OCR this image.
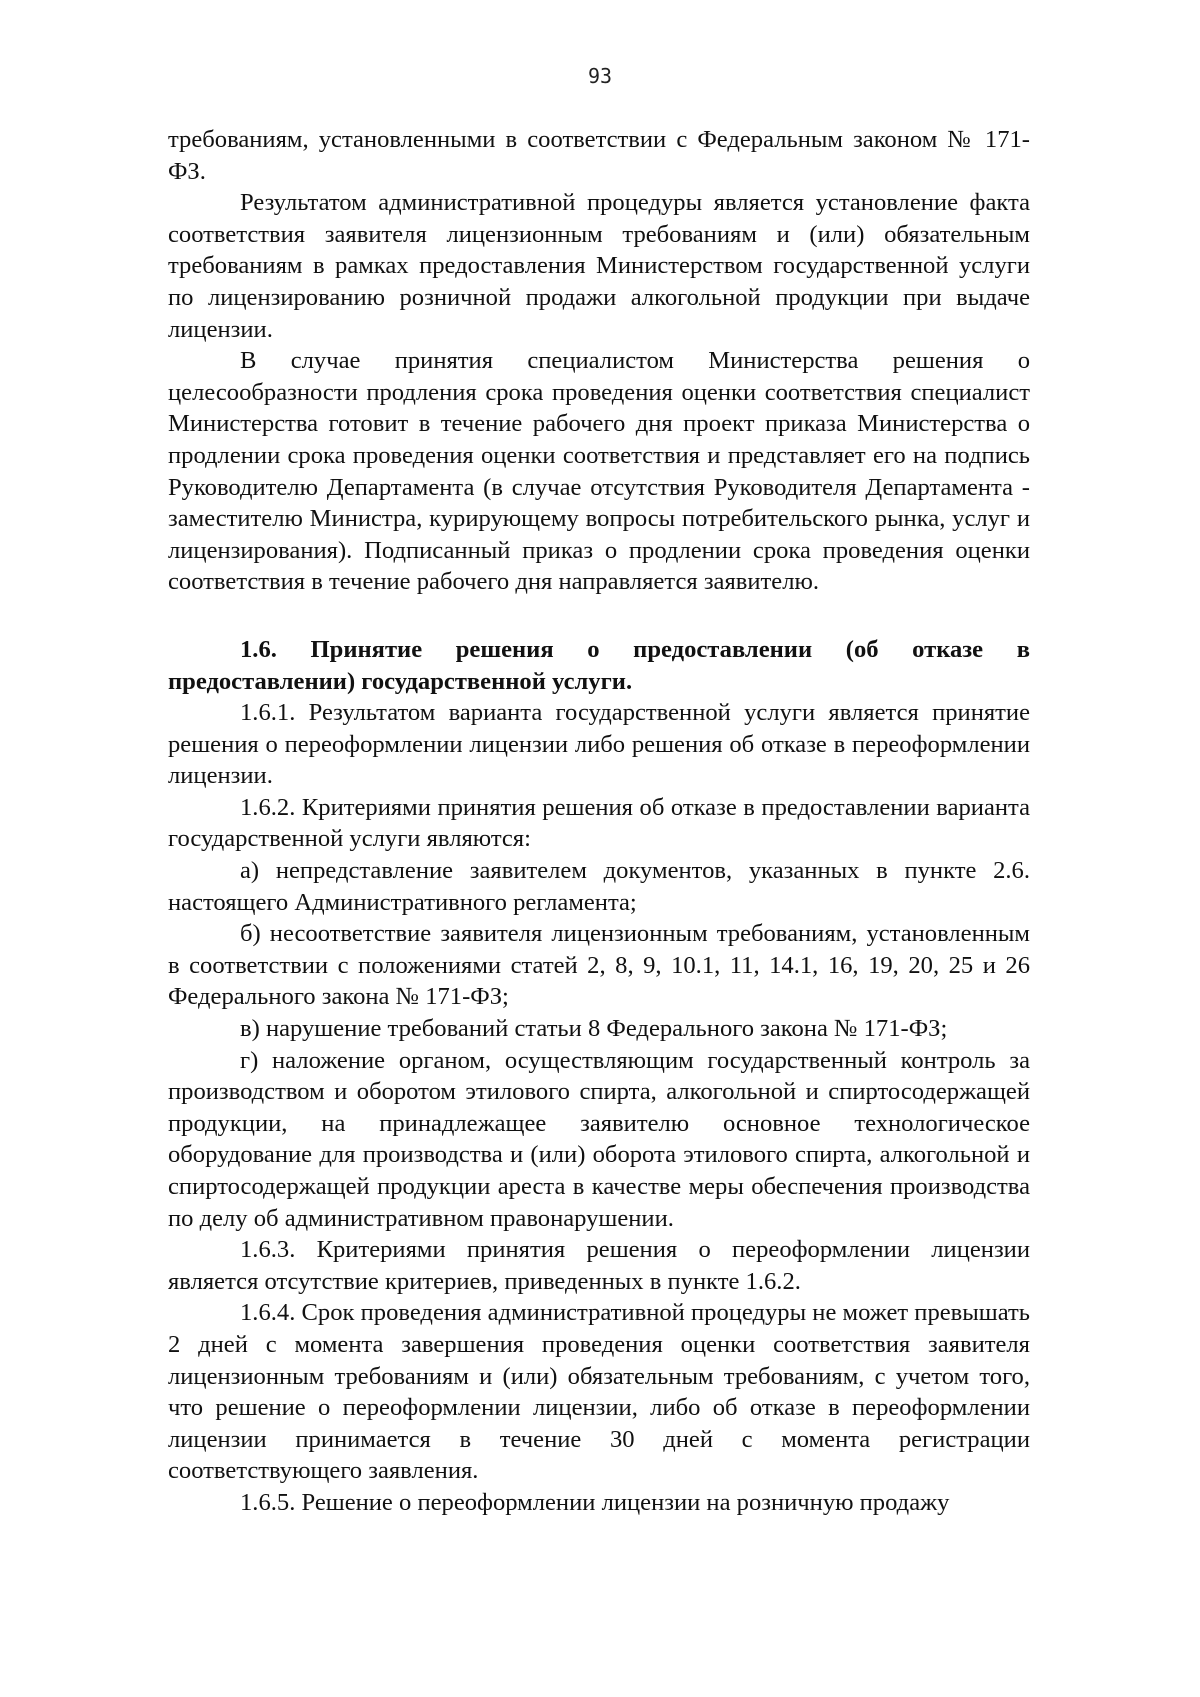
93

требованиям, установленными в соответствии с Федеральным законом № 171-ФЗ.

Результатом административной процедуры является установление факта соответствия заявителя лицензионным требованиям и (или) обязательным требованиям в рамках предоставления Министерством государственной услуги по лицензированию розничной продажи алкогольной продукции при выдаче лицензии.

В случае принятия специалистом Министерства решения о целесообразности продления срока проведения оценки соответствия специалист Министерства готовит в течение рабочего дня проект приказа Министерства о продлении срока проведения оценки соответствия и представляет его на подпись Руководителю Департамента (в случае отсутствия Руководителя Департамента - заместителю Министра, курирующему вопросы потребительского рынка, услуг и лицензирования). Подписанный приказ о продлении срока проведения оценки соответствия в течение рабочего дня направляется заявителю.

1.6. Принятие решения о предоставлении (об отказе в предоставлении) государственной услуги.

1.6.1. Результатом варианта государственной услуги является принятие решения о переоформлении лицензии либо решения об отказе в переоформлении лицензии.

1.6.2. Критериями принятия решения об отказе в предоставлении варианта государственной услуги являются:

а) непредставление заявителем документов, указанных в пункте 2.6. настоящего Административного регламента;

б) несоответствие заявителя лицензионным требованиям, установленным в соответствии с положениями статей 2, 8, 9, 10.1, 11, 14.1, 16, 19, 20, 25 и 26 Федерального закона № 171-ФЗ;

в) нарушение требований статьи 8 Федерального закона № 171-ФЗ;

г) наложение органом, осуществляющим государственный контроль за производством и оборотом этилового спирта, алкогольной и спиртосодержащей продукции, на принадлежащее заявителю основное технологическое оборудование для производства и (или) оборота этилового спирта, алкогольной и спиртосодержащей продукции ареста в качестве меры обеспечения производства по делу об административном правонарушении.

1.6.3. Критериями принятия решения о переоформлении лицензии является отсутствие критериев, приведенных в пункте 1.6.2.

1.6.4. Срок проведения административной процедуры не может превышать 2 дней с момента завершения проведения оценки соответствия заявителя лицензионным требованиям и (или) обязательным требованиям, с учетом того, что решение о переоформлении лицензии, либо об отказе в переоформлении лицензии принимается в течение 30 дней с момента регистрации соответствующего заявления.

1.6.5. Решение о переоформлении лицензии на розничную продажу
